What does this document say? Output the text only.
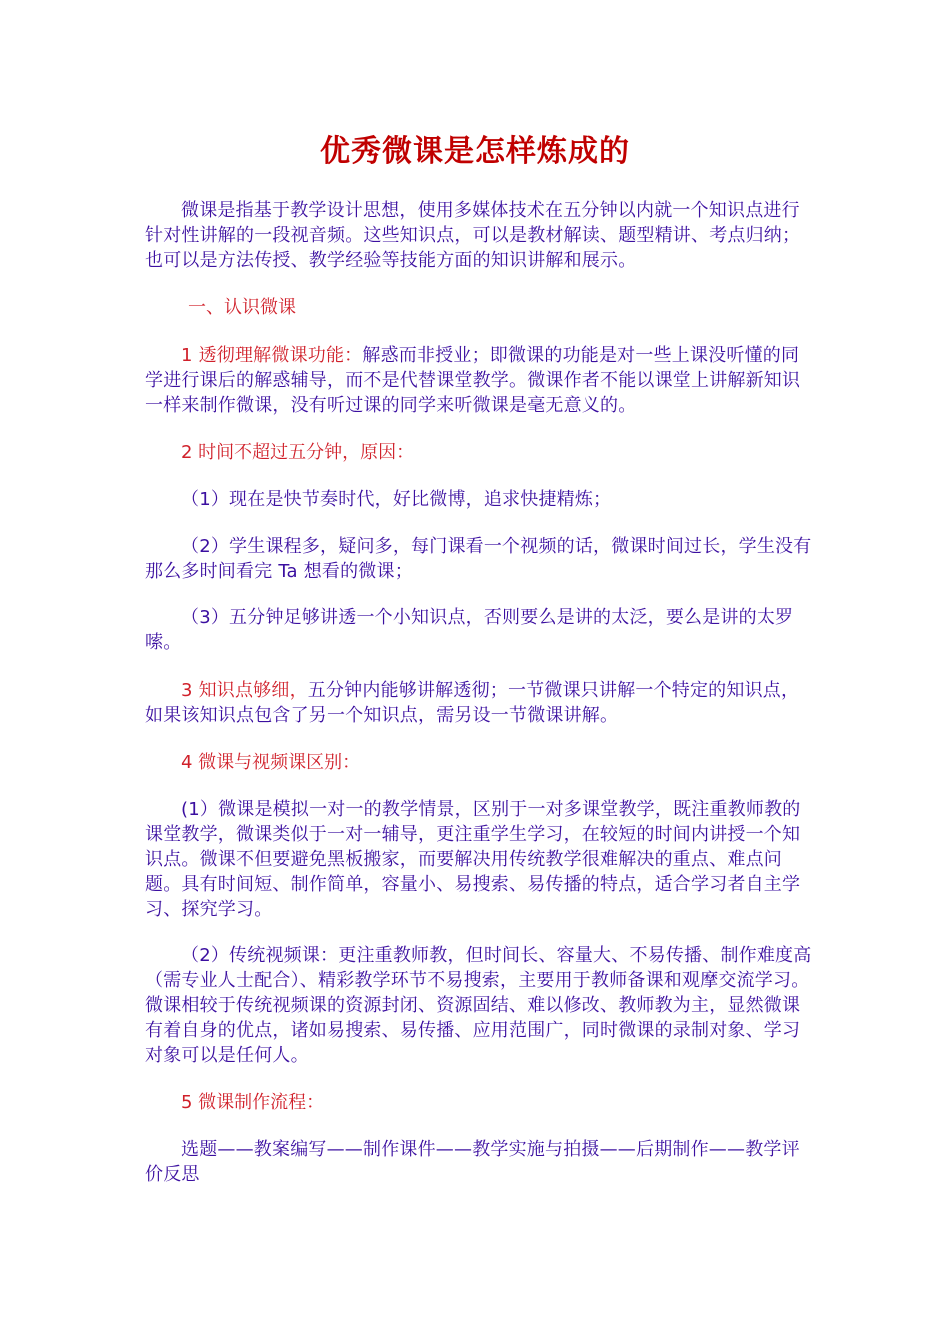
优秀微课是怎样炼成的

微课是指基于教学设计思想，使用多媒体技术在五分钟以内就一个知识点进行针对性讲解的一段视音频。这些知识点，可以是教材解读、题型精讲、考点归纳；也可以是方法传授、教学经验等技能方面的知识讲解和展示。

一、认识微课

1 透彻理解微课功能：解惑而非授业；即微课的功能是对一些上课没听懂的同学进行课后的解惑辅导，而不是代替课堂教学。微课作者不能以课堂上讲解新知识一样来制作微课，没有听过课的同学来听微课是毫无意义的。

2 时间不超过五分钟，原因：

（1）现在是快节奏时代，好比微博，追求快捷精炼；

（2）学生课程多，疑问多，每门课看一个视频的话，微课时间过长，学生没有那么多时间看完 Ta 想看的微课；

（3）五分钟足够讲透一个小知识点，否则要么是讲的太泛，要么是讲的太罗嗦。

3 知识点够细，五分钟内能够讲解透彻；一节微课只讲解一个特定的知识点，如果该知识点包含了另一个知识点，需另设一节微课讲解。

4 微课与视频课区别：

(1）微课是模拟一对一的教学情景，区别于一对多课堂教学，既注重教师教的课堂教学，微课类似于一对一辅导，更注重学生学习，在较短的时间内讲授一个知识点。微课不但要避免黑板搬家，而要解决用传统教学很难解决的重点、难点问题。具有时间短、制作简单，容量小、易搜索、易传播的特点，适合学习者自主学习、探究学习。

（2）传统视频课：更注重教师教，但时间长、容量大、不易传播、制作难度高（需专业人士配合）、精彩教学环节不易搜索，主要用于教师备课和观摩交流学习。微课相较于传统视频课的资源封闭、资源固结、难以修改、教师教为主，显然微课有着自身的优点，诸如易搜索、易传播、应用范围广，同时微课的录制对象、学习对象可以是任何人。

5 微课制作流程：

选题——教案编写——制作课件——教学实施与拍摄——后期制作——教学评价反思
